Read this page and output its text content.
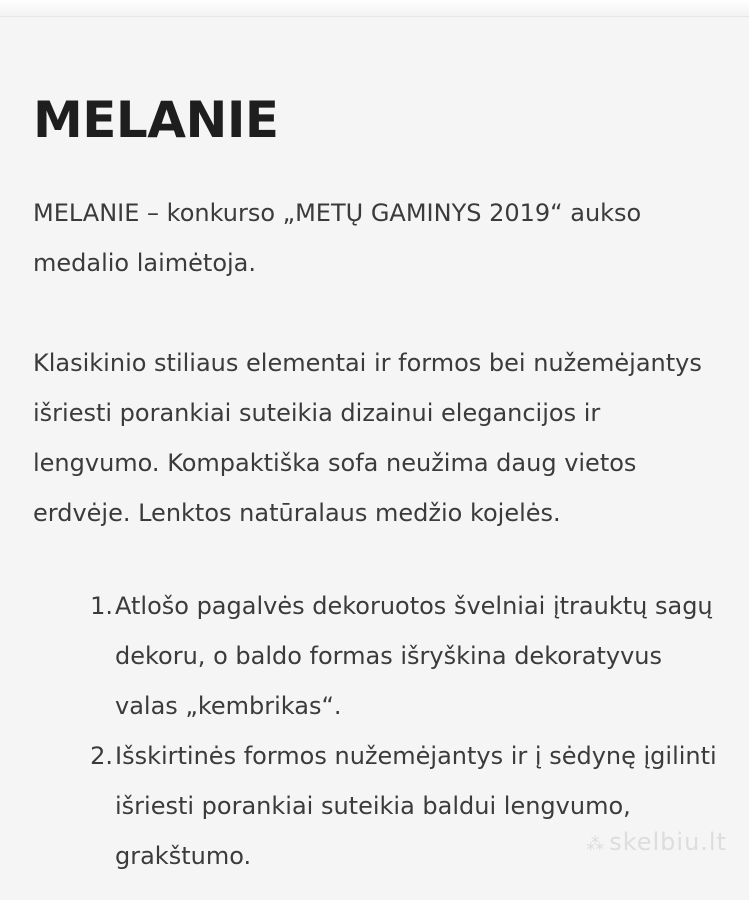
MELANIE

MELANIE – konkurso „METŲ GAMINYS 2019“ aukso medalio laimėtoja.

Klasikinio stiliaus elementai ir formos bei nužemėjantys išriesti porankiai suteikia dizainui elegancijos ir lengvumo. Kompaktiška sofa neužima daug vietos erdvėje. Lenktos natūralaus medžio kojelės.

1. Atlošo pagalvės dekoruotos švelniai įtrauktų sagų dekoru, o baldo formas išryškina dekoratyvus valas „kembrikas“.
2. Išskirtinės formos nužemėjantys ir į sėdynę įgilinti išriesti porankiai suteikia baldui lengvumo, grakštumo.	⁂ skelbiu.lt
